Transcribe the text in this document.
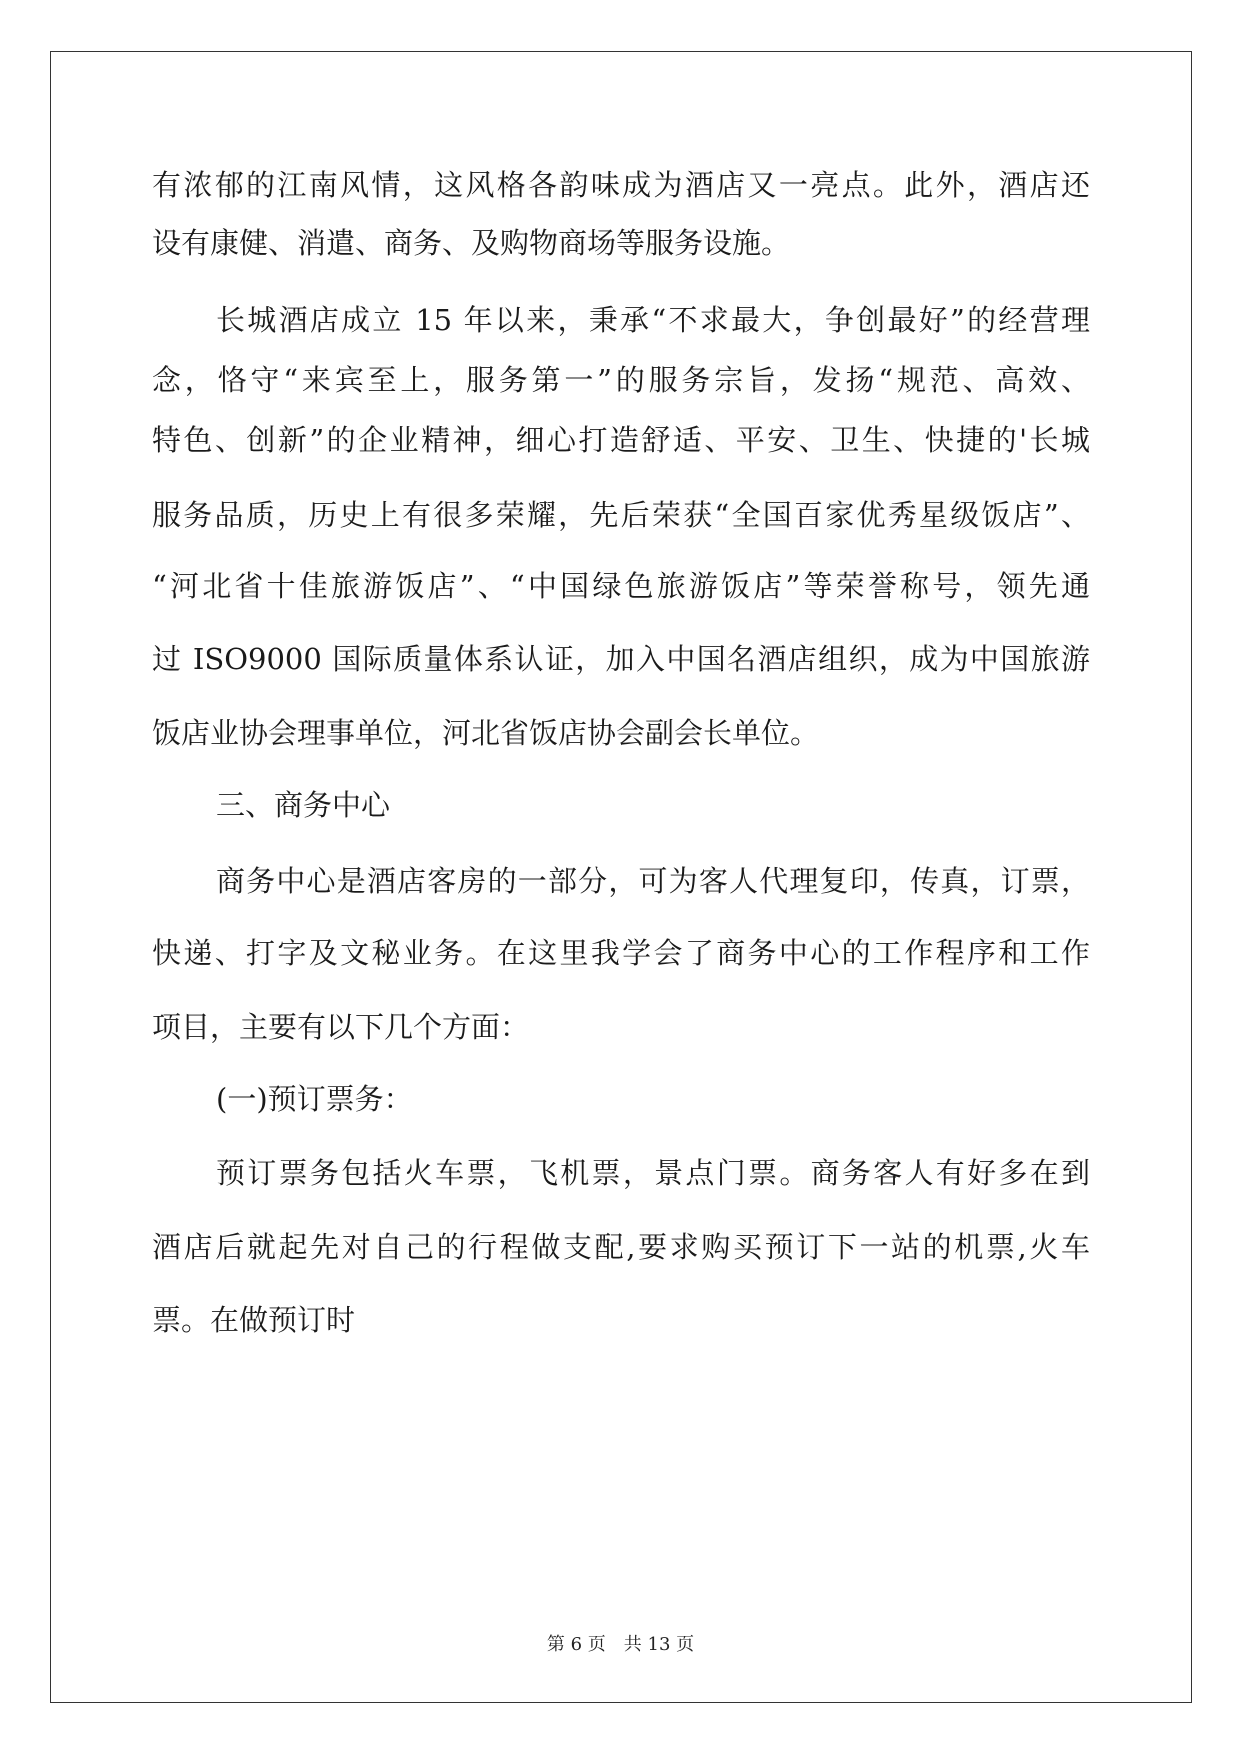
有浓郁的江南风情，这风格各韵味成为酒店又一亮点。此外，酒店还
设有康健、消遣、商务、及购物商场等服务设施。
长城酒店成立 15 年以来，秉承“不求最大，争创最好”的经营理
念，恪守“来宾至上，服务第一”的服务宗旨，发扬“规范、高效、
特色、创新”的企业精神，细心打造舒适、平安、卫生、快捷的'长城
服务品质，历史上有很多荣耀，先后荣获“全国百家优秀星级饭店”、
“河北省十佳旅游饭店”、“中国绿色旅游饭店”等荣誉称号，领先通
过 ISO9000 国际质量体系认证，加入中国名酒店组织，成为中国旅游
饭店业协会理事单位，河北省饭店协会副会长单位。
三、商务中心
商务中心是酒店客房的一部分，可为客人代理复印，传真，订票，
快递、打字及文秘业务。在这里我学会了商务中心的工作程序和工作
项目，主要有以下几个方面：
(一)预订票务：
预订票务包括火车票，飞机票，景点门票。商务客人有好多在到
酒店后就起先对自己的行程做支配,要求购买预订下一站的机票,火车
票。在做预订时
第 6 页 共 13 页
